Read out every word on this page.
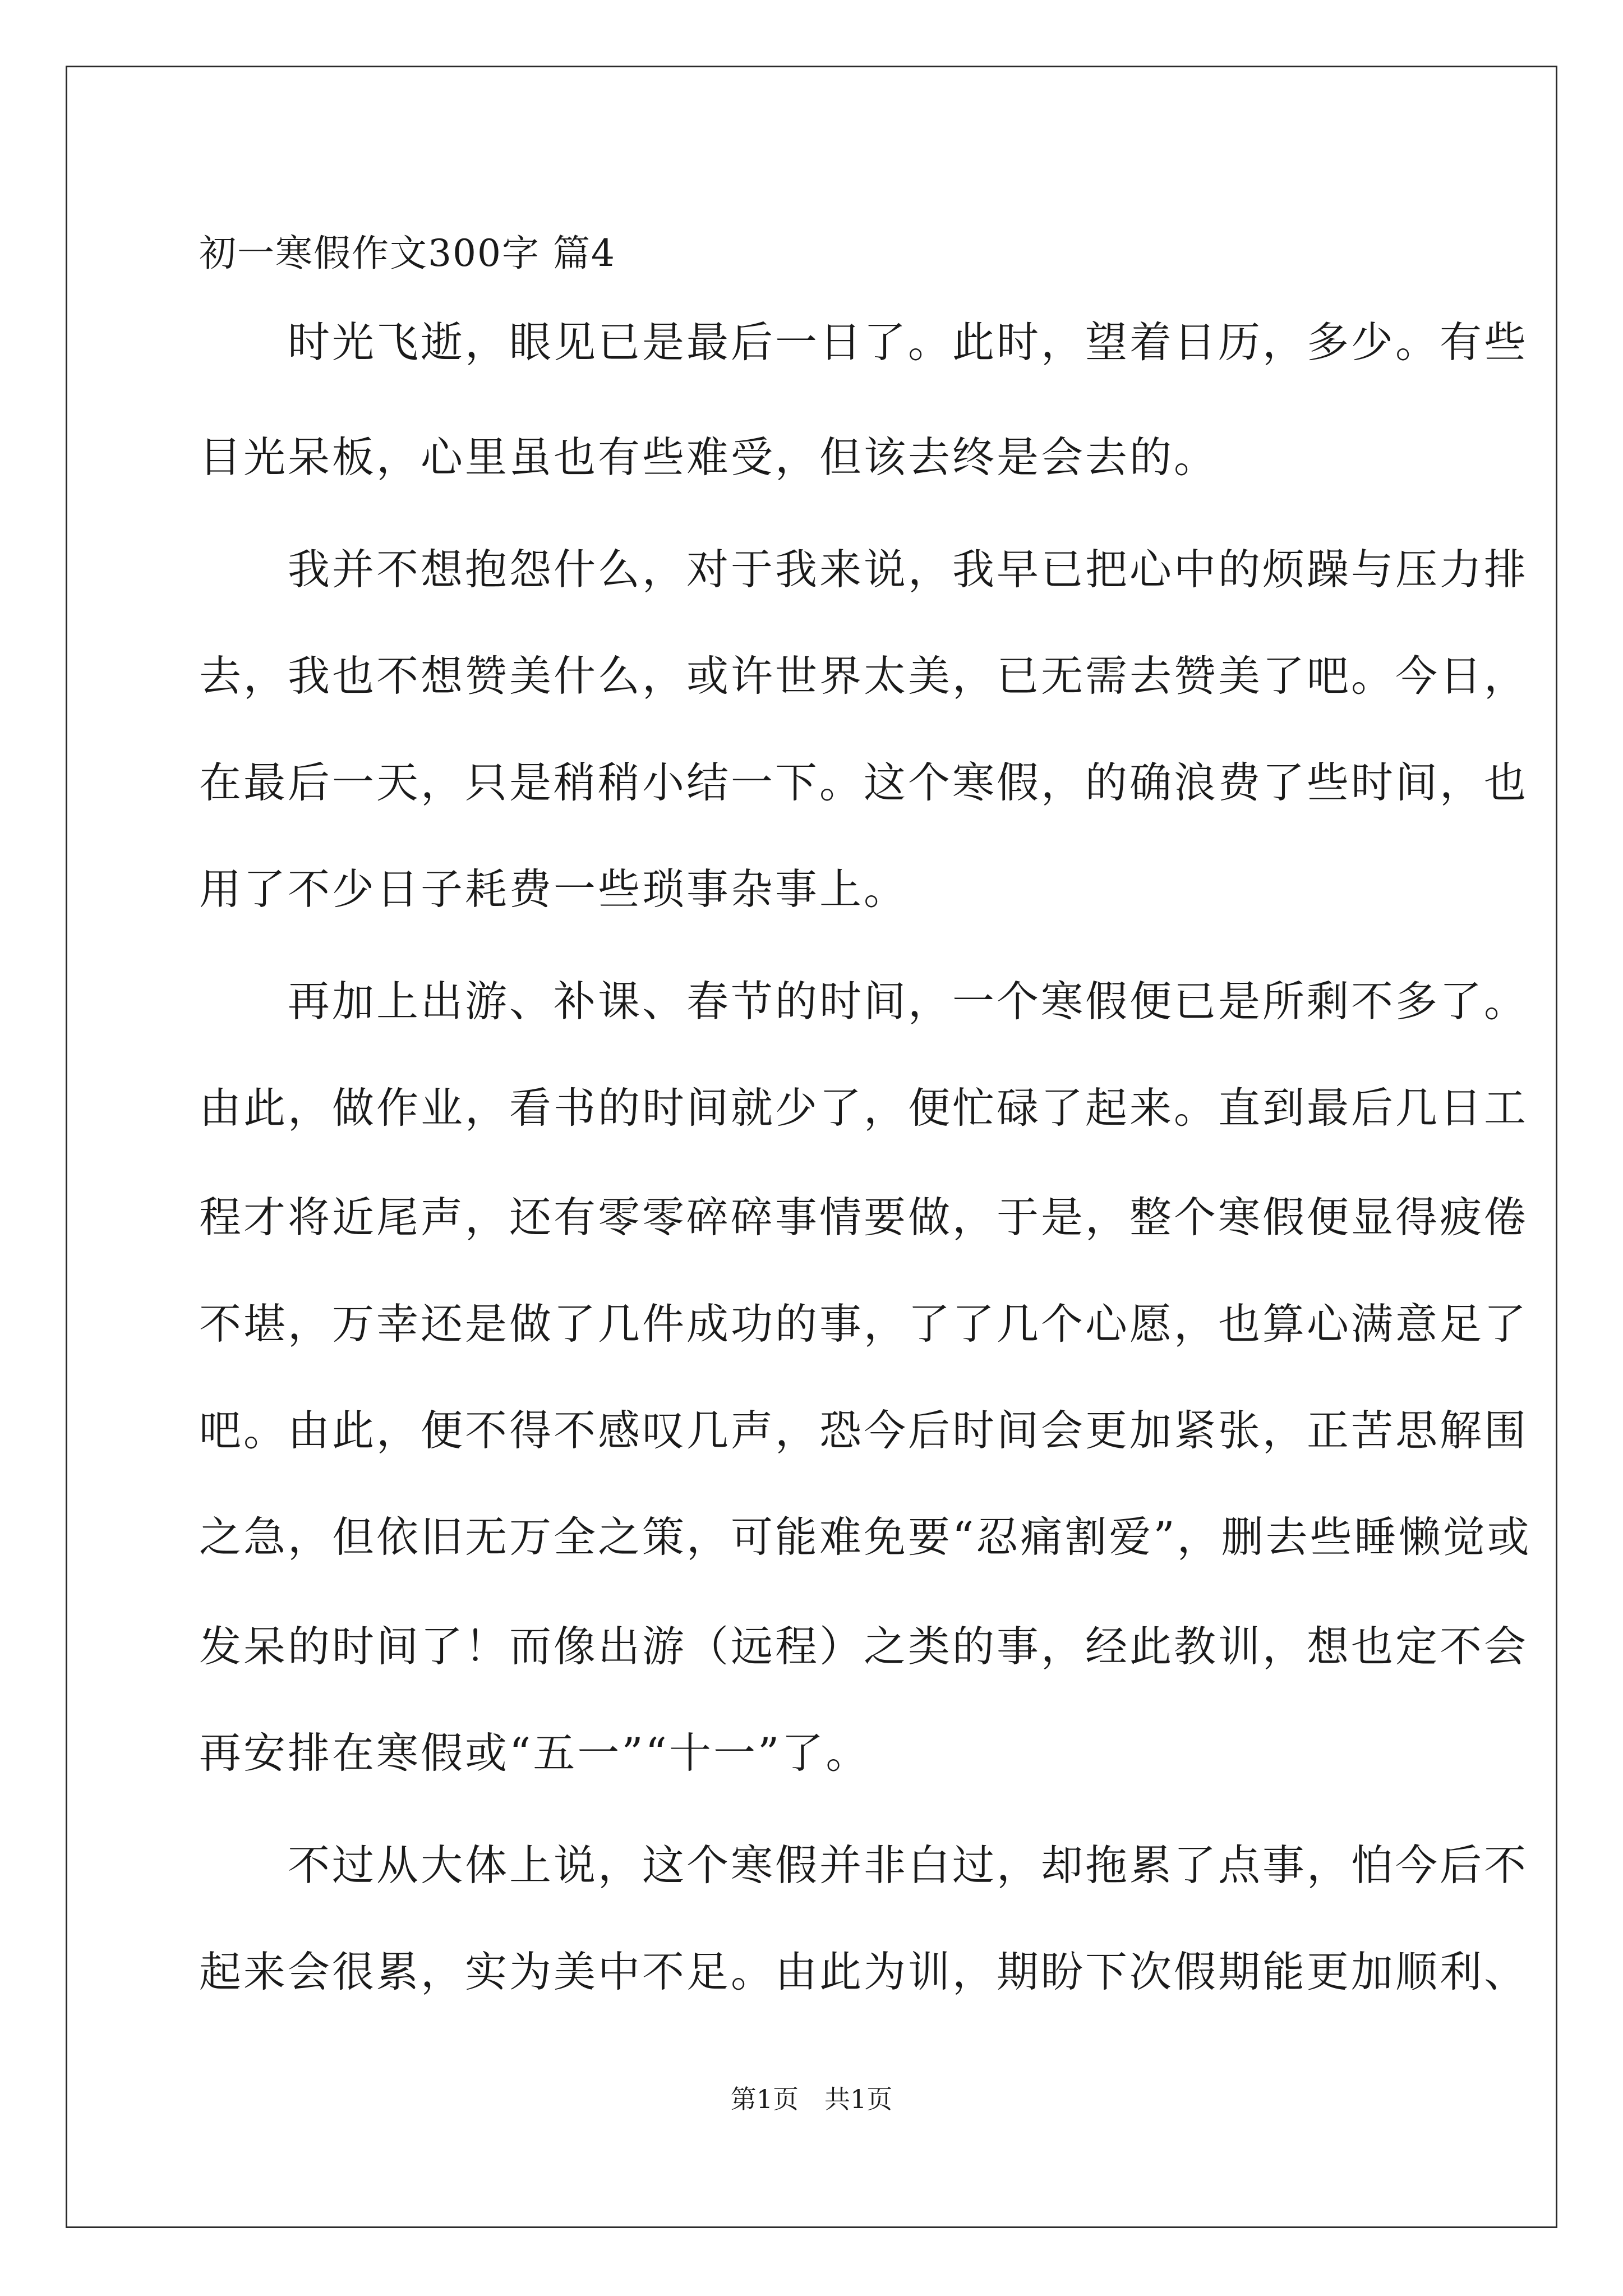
初一寒假作文300字 篇4
　　时光飞逝，眼见已是最后一日了。此时，望着日历，多少。有些
目光呆板，心里虽也有些难受，但该去终是会去的。
　　我并不想抱怨什么，对于我来说，我早已把心中的烦躁与压力排
去，我也不想赞美什么，或许世界太美，已无需去赞美了吧。今日，
在最后一天，只是稍稍小结一下。这个寒假，的确浪费了些时间，也
用了不少日子耗费一些琐事杂事上。
　　再加上出游、补课、春节的时间，一个寒假便已是所剩不多了。
由此，做作业，看书的时间就少了，便忙碌了起来。直到最后几日工
程才将近尾声，还有零零碎碎事情要做，于是，整个寒假便显得疲倦
不堪，万幸还是做了几件成功的事，了了几个心愿，也算心满意足了
吧。由此，便不得不感叹几声，恐今后时间会更加紧张，正苦思解围
之急，但依旧无万全之策，可能难免要“忍痛割爱”，删去些睡懒觉或
发呆的时间了！而像出游（远程）之类的事，经此教训，想也定不会
再安排在寒假或“五一”“十一”了。
　　不过从大体上说，这个寒假并非白过，却拖累了点事，怕今后不
起来会很累，实为美中不足。由此为训，期盼下次假期能更加顺利、
第1页　共1页
